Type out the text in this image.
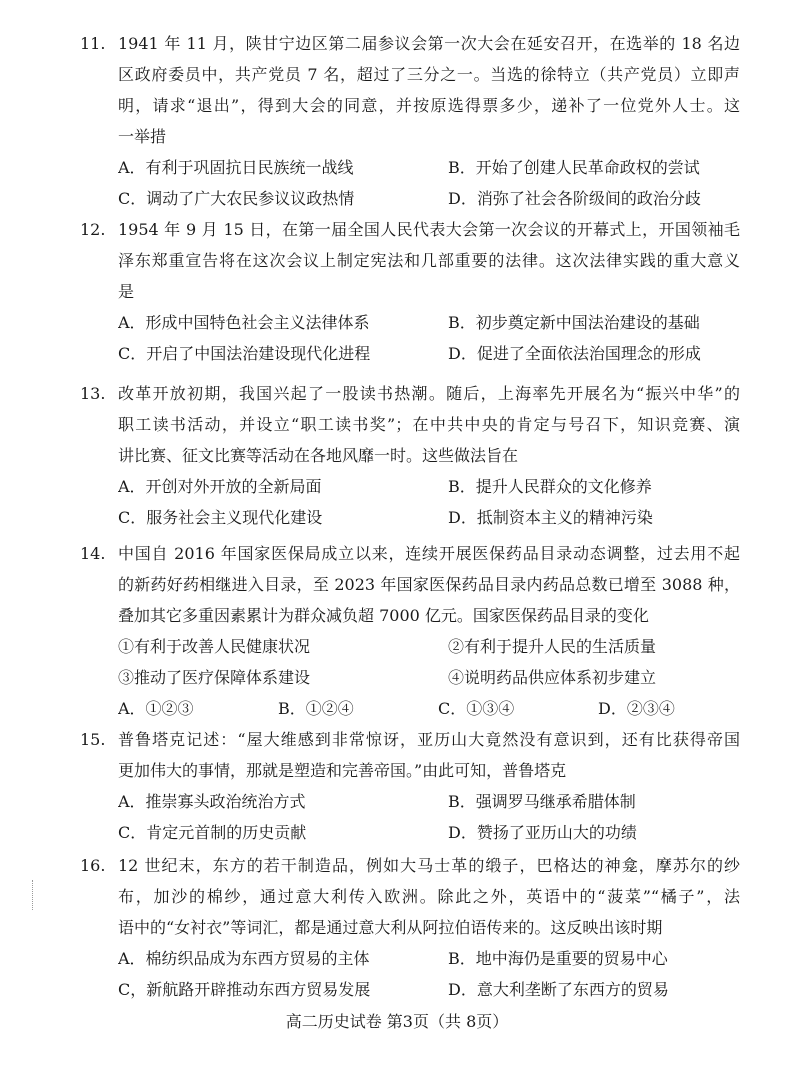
11. 1941 年 11 月，陕甘宁边区第二届参议会第一次大会在延安召开，在选举的 18 名边
区政府委员中，共产党员 7 名，超过了三分之一。当选的徐特立（共产党员）立即声
明，请求“退出”，得到大会的同意，并按原选得票多少，递补了一位党外人士。这
一举措
A．有利于巩固抗日民族统一战线	B．开始了创建人民革命政权的尝试
C．调动了广大农民参议议政热情	D．消弥了社会各阶级间的政治分歧
12. 1954 年 9 月 15 日，在第一届全国人民代表大会第一次会议的开幕式上，开国领袖毛
泽东郑重宣告将在这次会议上制定宪法和几部重要的法律。这次法律实践的重大意义
是
A．形成中国特色社会主义法律体系	B．初步奠定新中国法治建设的基础
C．开启了中国法治建设现代化进程	D．促进了全面依法治国理念的形成
13. 改革开放初期，我国兴起了一股读书热潮。随后，上海率先开展名为“振兴中华”的
职工读书活动，并设立“职工读书奖”；在中共中央的肯定与号召下，知识竞赛、演
讲比赛、征文比赛等活动在各地风靡一时。这些做法旨在
A．开创对外开放的全新局面	B．提升人民群众的文化修养
C．服务社会主义现代化建设	D．抵制资本主义的精神污染
14. 中国自 2016 年国家医保局成立以来，连续开展医保药品目录动态调整，过去用不起
的新药好药相继进入目录，至 2023 年国家医保药品目录内药品总数已增至 3088 种，
叠加其它多重因素累计为群众减负超 7000 亿元。国家医保药品目录的变化
①有利于改善人民健康状况	②有利于提升人民的生活质量
③推动了医疗保障体系建设	④说明药品供应体系初步建立
A．①②③	B．①②④	C．①③④	D．②③④
15. 普鲁塔克记述：“屋大维感到非常惊讶，亚历山大竟然没有意识到，还有比获得帝国
更加伟大的事情，那就是塑造和完善帝国。”由此可知，普鲁塔克
A．推崇寡头政治统治方式	B．强调罗马继承希腊体制
C．肯定元首制的历史贡献	D．赞扬了亚历山大的功绩
16. 12 世纪末，东方的若干制造品，例如大马士革的缎子，巴格达的神龛，摩苏尔的纱
布，加沙的棉纱，通过意大利传入欧洲。除此之外，英语中的“菠菜”“橘子”，法
语中的“女衬衣”等词汇，都是通过意大利从阿拉伯语传来的。这反映出该时期
A．棉纺织品成为东西方贸易的主体	B．地中海仍是重要的贸易中心
C，新航路开辟推动东西方贸易发展	D．意大利垄断了东西方的贸易
高二历史试卷 第3页（共 8页）
